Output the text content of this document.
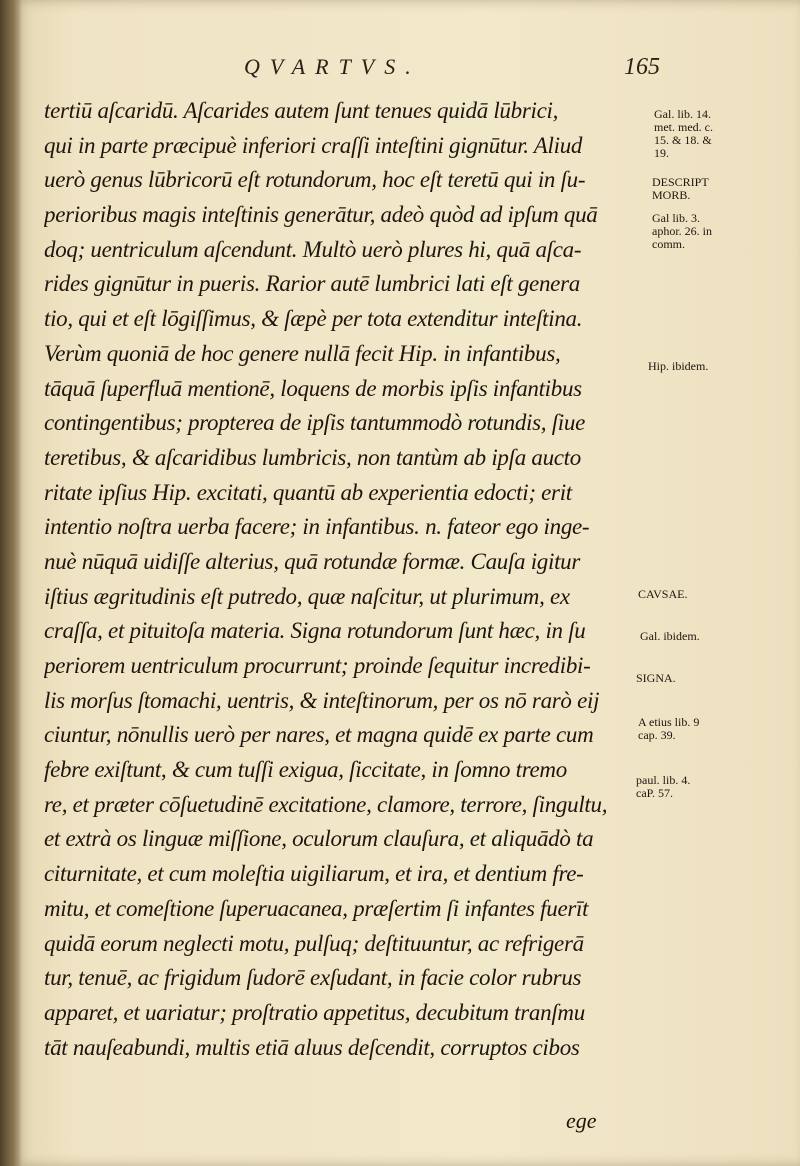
QVARTVS.	165
tertiū aſcaridū. Aſcarides autem ſunt tenues quidā lūbrici,
qui in parte præcipuè inferiori craſſi inteſtini gignūtur. Aliud
uerò genus lūbricorū eſt rotundorum, hoc eſt teretū qui in ſu-
perioribus magis inteſtinis generātur, adeò quòd ad ipſum quā
doq; uentriculum aſcendunt. Multò uerò plures hi, quā aſca-
rides gignūtur in pueris. Rarior autē lumbrici lati eſt genera
tio, qui et eſt lōgiſſimus, & ſæpè per tota extenditur inteſtina.
Verùm quoniā de hoc genere nullā fecit Hip. in infantibus,
tāquā ſuperfluā mentionē, loquens de morbis ipſis infantibus
contingentibus; propterea de ipſis tantummodò rotundis, ſiue
teretibus, & aſcaridibus lumbricis, non tantùm ab ipſa aucto
ritate ipſius Hip. excitati, quantū ab experientia edocti; erit
intentio noſtra uerba facere; in infantibus. n. fateor ego inge-
nuè nūquā uidiſſe alterius, quā rotundæ formæ. Cauſa igitur
iſtius ægritudinis eſt putredo, quæ naſcitur, ut plurimum, ex
craſſa, et pituitoſa materia. Signa rotundorum ſunt hæc, in ſu
periorem uentriculum procurrunt; proinde ſequitur incredibi-
lis morſus ſtomachi, uentris, & inteſtinorum, per os nō rarò eij
ciuntur, nōnullis uerò per nares, et magna quidē ex parte cum
febre exiſtunt, & cum tuſſi exigua, ſiccitate, in ſomno tremo
re, et præter cōſuetudinē excitatione, clamore, terrore, ſingultu,
et extrà os linguæ miſſione, oculorum clauſura, et aliquādò ta
citurnitate, et cum moleſtia uigiliarum, et ira, et dentium fre-
mitu, et comeſtione ſuperuacanea, præſertim ſi infantes fuerīt
quidā eorum neglecti motu, pulſuq; deſtituuntur, ac refrigerā
tur, tenuē, ac frigidum ſudorē exſudant, in facie color rubrus
apparet, et uariatur; proſtratio appetitus, decubitum tranſmu
tāt nauſeabundi, multis etiā aluus deſcendit, corruptos cibos
ege
Gal. lib. 14.
met. med. c.
15. & 18. &
19.
DESCRIPT
MORB.
Gal lib. 3.
aphor. 26. in
comm.
Hip. ibidem.
CAVSAE.
Gal. ibidem.
SIGNA.
A etius lib. 9
cap. 39.
paul. lib. 4.
caP. 57.
